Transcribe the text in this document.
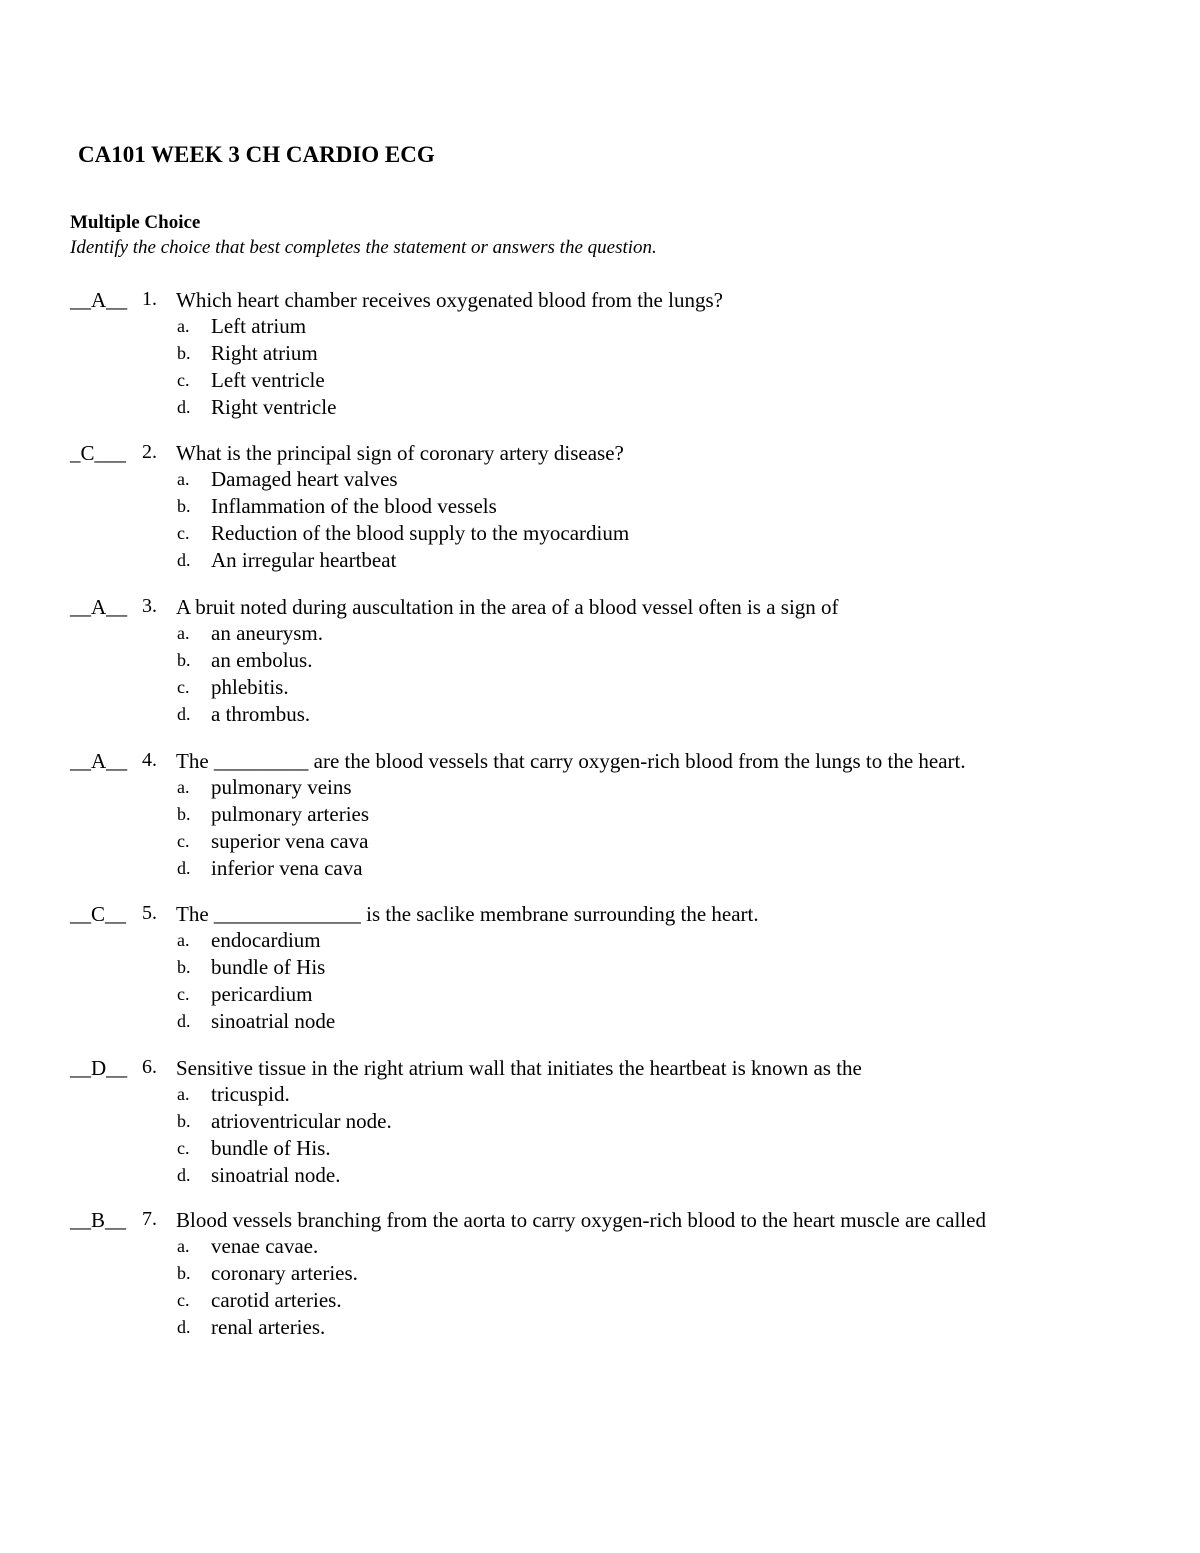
CA101 WEEK 3 CH CARDIO ECG
Multiple Choice
Identify the choice that best completes the statement or answers the question.
__A__ 1. Which heart chamber receives oxygenated blood from the lungs?
a. Left atrium
b. Right atrium
c. Left ventricle
d. Right ventricle
_C___ 2. What is the principal sign of coronary artery disease?
a. Damaged heart valves
b. Inflammation of the blood vessels
c. Reduction of the blood supply to the myocardium
d. An irregular heartbeat
__A__ 3. A bruit noted during auscultation in the area of a blood vessel often is a sign of
a. an aneurysm.
b. an embolus.
c. phlebitis.
d. a thrombus.
__A__ 4. The _________ are the blood vessels that carry oxygen-rich blood from the lungs to the heart.
a. pulmonary veins
b. pulmonary arteries
c. superior vena cava
d. inferior vena cava
__C__ 5. The ______________ is the saclike membrane surrounding the heart.
a. endocardium
b. bundle of His
c. pericardium
d. sinoatrial node
__D__ 6. Sensitive tissue in the right atrium wall that initiates the heartbeat is known as the
a. tricuspid.
b. atrioventricular node.
c. bundle of His.
d. sinoatrial node.
__B__ 7. Blood vessels branching from the aorta to carry oxygen-rich blood to the heart muscle are called
a. venae cavae.
b. coronary arteries.
c. carotid arteries.
d. renal arteries.
